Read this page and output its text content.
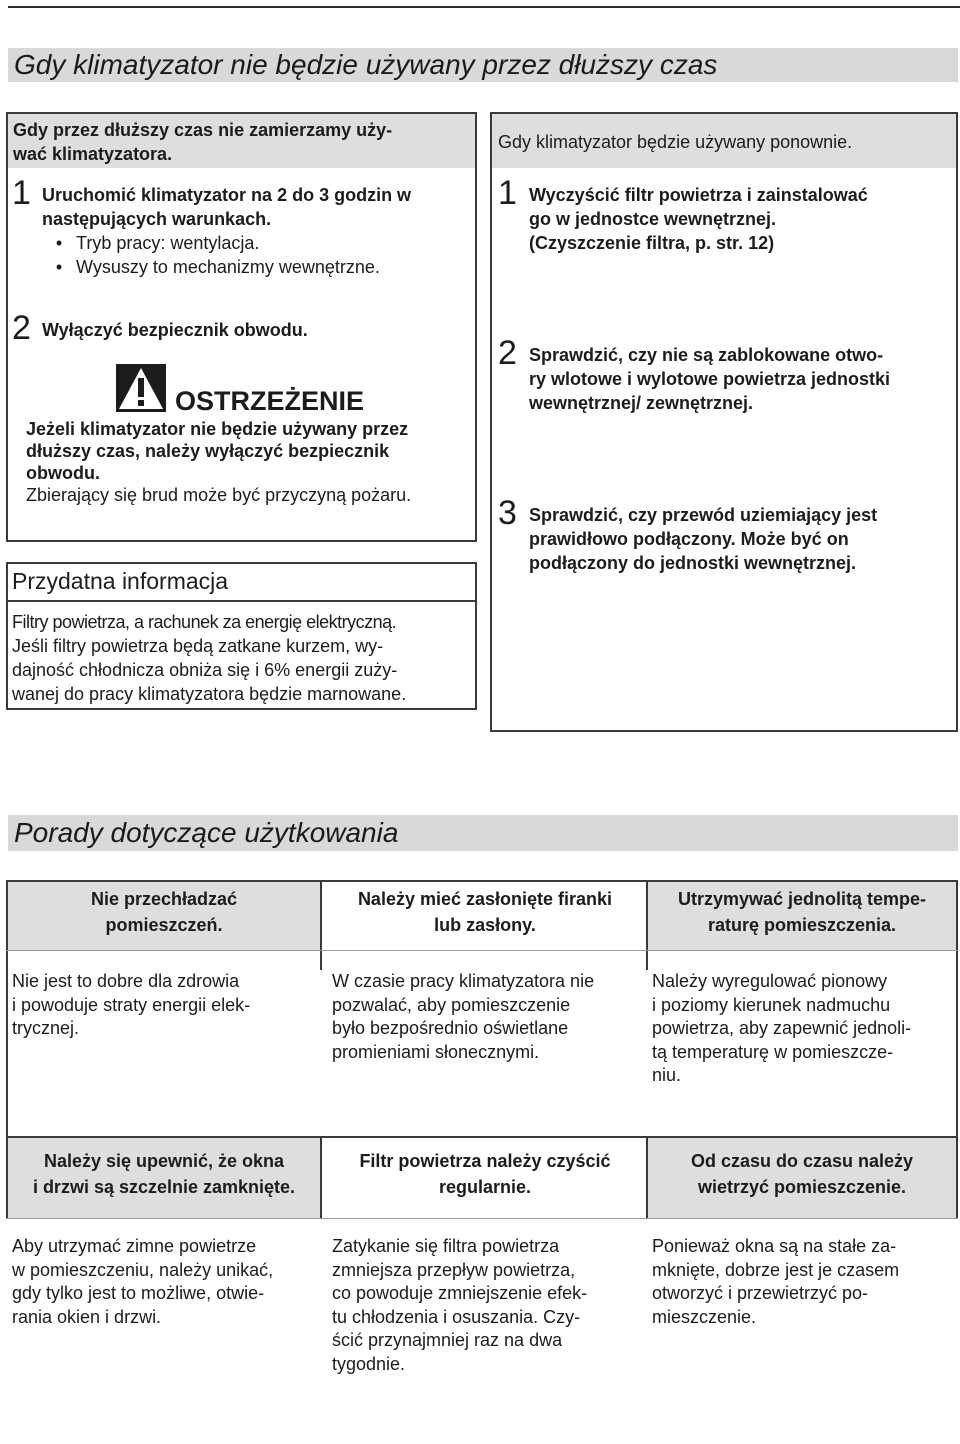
Gdy klimatyzator nie będzie używany przez dłuższy czas
Gdy przez dłuższy czas nie zamierzamy uży-
wać klimatyzatora.
1 Uruchomić klimatyzator na 2 do 3 godzin w
następujących warunkach.
• Tryb pracy: wentylacja.
• Wysuszy to mechanizmy wewnętrzne.
2 Wyłączyć bezpiecznik obwodu.
OSTRZEŻENIE
Jeżeli klimatyzator nie będzie używany przez
dłuższy czas, należy wyłączyć bezpiecznik
obwodu.
Zbierający się brud może być przyczyną pożaru.
Przydatna informacja
Filtry powietrza, a rachunek za energię elektryczną.
Jeśli filtry powietrza będą zatkane kurzem, wy-
dajność chłodnicza obniża się i 6% energii zuży-
wanej do pracy klimatyzatora będzie marnowane.
Gdy klimatyzator będzie używany ponownie.
1 Wyczyścić filtr powietrza i zainstalować
go w jednostce wewnętrznej.
(Czyszczenie filtra, p. str. 12)
2 Sprawdzić, czy nie są zablokowane otwo-
ry wlotowe i wylotowe powietrza jednostki
wewnętrznej/ zewnętrznej.
3 Sprawdzić, czy przewód uziemiający jest
prawidłowo podłączony. Może być on
podłączony do jednostki wewnętrznej.
Porady dotyczące użytkowania
Nie przechładzać
pomieszczeń.
Należy mieć zasłonięte firanki
lub zasłony.
Utrzymywać jednolitą tempe-
raturę pomieszczenia.
Nie jest to dobre dla zdrowia
i powoduje straty energii elek-
trycznej.
W czasie pracy klimatyzatora nie
pozwalać, aby pomieszczenie
było bezpośrednio oświetlane
promieniami słonecznymi.
Należy wyregulować pionowy
i poziomy kierunek nadmuchu
powietrza, aby zapewnić jednoli-
tą temperaturę w pomieszcze-
niu.
Należy się upewnić, że okna
i drzwi są szczelnie zamknięte.
Filtr powietrza należy czyścić
regularnie.
Od czasu do czasu należy
wietrzyć pomieszczenie.
Aby utrzymać zimne powietrze
w pomieszczeniu, należy unikać,
gdy tylko jest to możliwe, otwie-
rania okien i drzwi.
Zatykanie się filtra powietrza
zmniejsza przepływ powietrza,
co powoduje zmniejszenie efek-
tu chłodzenia i osuszania. Czy-
ścić przynajmniej raz na dwa
tygodnie.
Ponieważ okna są na stałe za-
mknięte, dobrze jest je czasem
otworzyć i przewietrzyć po-
mieszczenie.
